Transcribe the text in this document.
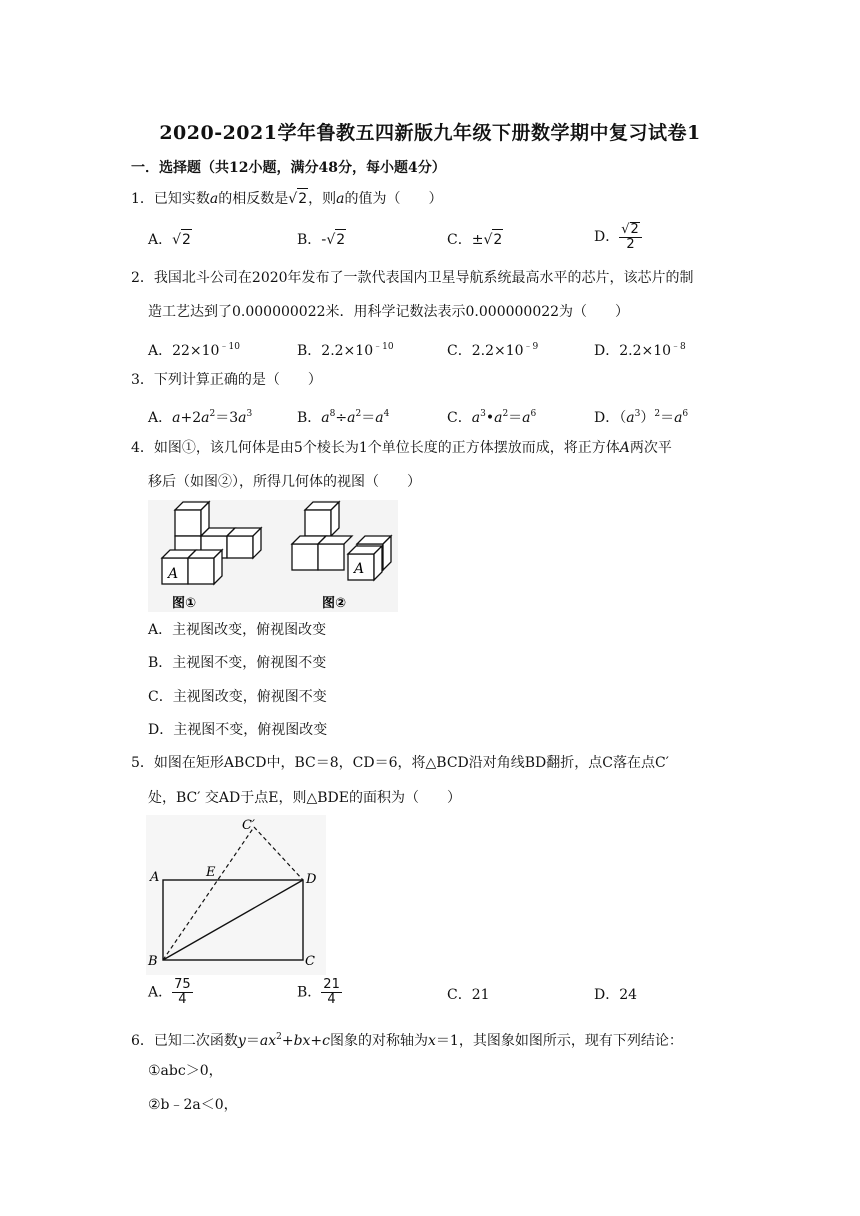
2020-2021学年鲁教五四新版九年级下册数学期中复习试卷1
一．选择题（共12小题，满分48分，每小题4分）
1．已知实数a的相反数是√2，则a的值为（　　）
A．√2	B．-√2	C．±√2	D． $\frac{√2}{2}$
2．我国北斗公司在2020年发布了一款代表国内卫星导航系统最高水平的芯片，该芯片的制
造工艺达到了0.000000022米．用科学记数法表示0.000000022为（　　）
A．$22\times 10^{﹣10}$	B．$2.2\times 10^{﹣10}$	C．$2.2\times 10^{﹣9}$	D．$2.2\times 10^{﹣8}$
3．下列计算正确的是（　　）
A．$a+2a^2=3a^3$	B．$a^8\div a^2=a^4$	C．$a^3•a^2=a^6$	D．$(a^3)^2=a^6$
4．如图①，该几何体是由5个棱长为1个单位长度的正方体摆放而成，将正方体A两次平
移后（如图②），所得几何体的视图（　　）
A	A
图①	图②
A．主视图改变，俯视图改变
B．主视图不变，俯视图不变
C．主视图改变，俯视图不变
D．主视图不变，俯视图改变
5．如图在矩形ABCD中，BC＝8，CD＝6，将△BCD沿对角线BD翻折，点C落在点C′
处，BC′ 交AD于点E，则△BDE的面积为（　　）
A
B	C
D
E
C′
A． $\frac{75}{4}$	B． $\frac{21}{4}$	C．21	D．24
6．已知二次函数$y=ax^2+bx+c$图象的对称轴为x＝1，其图象如图所示，现有下列结论：
①abc＞0，
②b﹣2a＜0，
